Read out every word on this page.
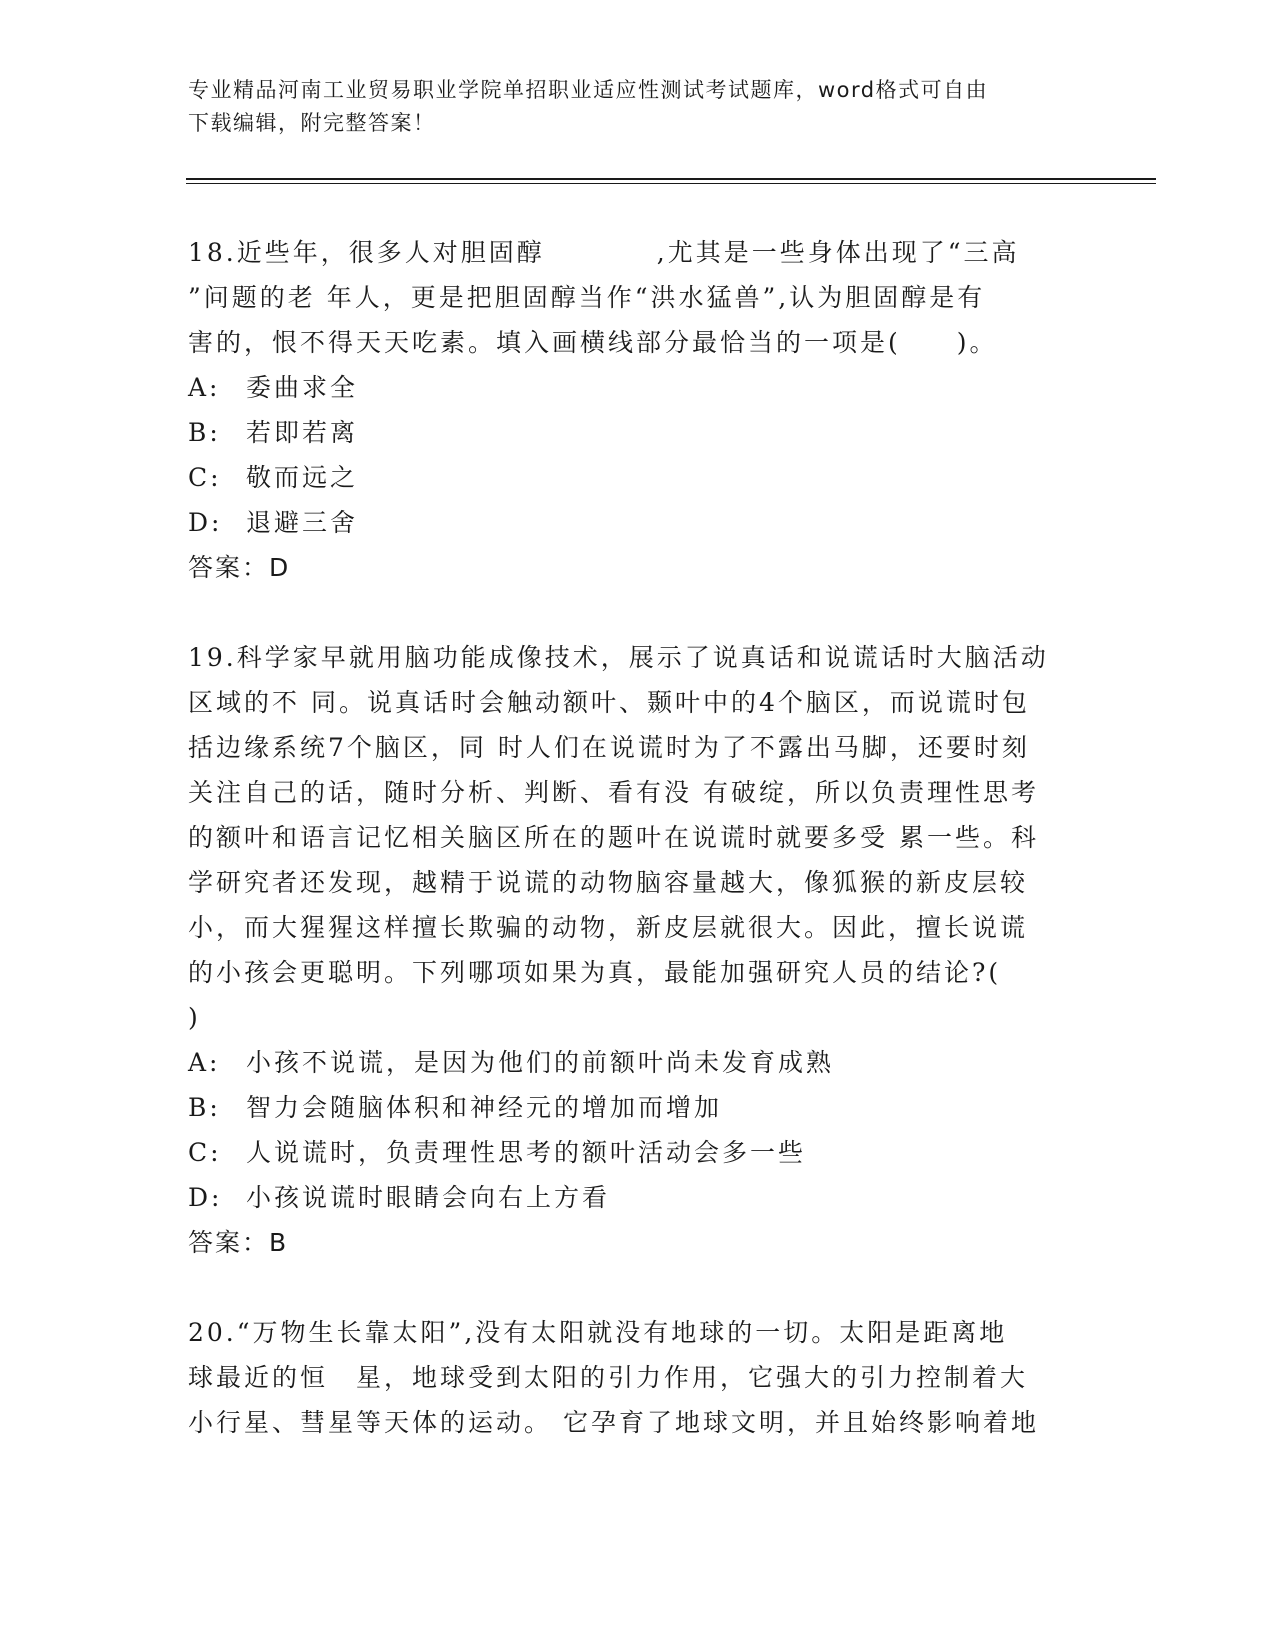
专业精品河南工业贸易职业学院单招职业适应性测试考试题库，word格式可自由
下载编辑，附完整答案！
18.近些年，很多人对胆固醇　　　　,尤其是一些身体出现了“三高
”问题的老 年人，更是把胆固醇当作“洪水猛兽”,认为胆固醇是有
害的，恨不得天天吃素。填入画横线部分最恰当的一项是(　　)。
A:	委曲求全
B:	若即若离
C: 敬而远之
D: 退避三舍

答案：D

19.科学家早就用脑功能成像技术，展示了说真话和说谎话时大脑活动
区域的不 同。说真话时会触动额叶、颞叶中的4个脑区，而说谎时包
括边缘系统7个脑区，同 时人们在说谎时为了不露出马脚，还要时刻
关注自己的话，随时分析、判断、看有没 有破绽，所以负责理性思考
的额叶和语言记忆相关脑区所在的题叶在说谎时就要多受 累一些。科
学研究者还发现，越精于说谎的动物脑容量越大，像狐猴的新皮层较
小，而大猩猩这样擅长欺骗的动物，新皮层就很大。因此，擅长说谎
的小孩会更聪明。下列哪项如果为真，最能加强研究人员的结论?(
)
A:	小孩不说谎，是因为他们的前额叶尚未发育成熟
B:	智力会随脑体积和神经元的增加而增加
C: 人说谎时，负责理性思考的额叶活动会多一些
D: 小孩说谎时眼睛会向右上方看

答案：B

20.“万物生长靠太阳”,没有太阳就没有地球的一切。太阳是距离地
球最近的恒　星，地球受到太阳的引力作用，它强大的引力控制着大
小行星、彗星等天体的运动。 它孕育了地球文明，并且始终影响着地
